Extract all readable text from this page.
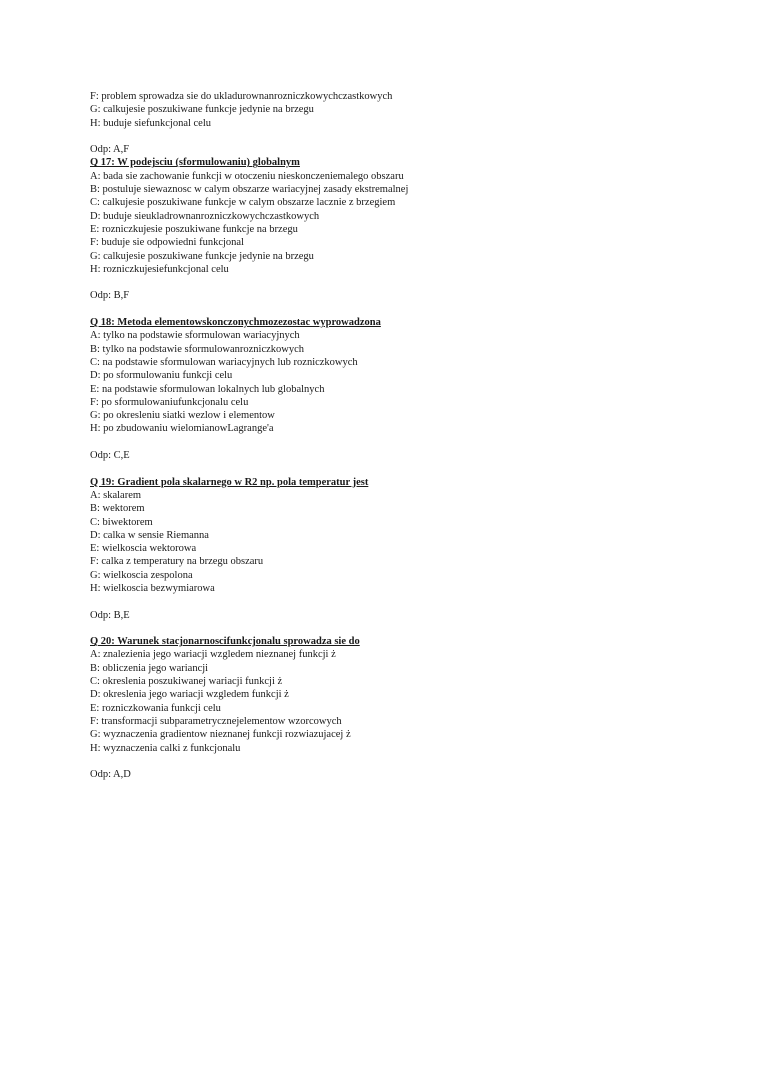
F: problem sprowadza sie do ukladurownanrozniczkowychczastkowych
G: calkujesie poszukiwane funkcje jedynie na brzegu
H: buduje siefunkcjonal celu
Odp: A,F
Q 17: W podejsciu (sformulowaniu) globalnym
A: bada sie zachowanie funkcji w otoczeniu nieskonczeniemalego obszaru
B: postuluje siewaznosc w calym obszarze wariacyjnej zasady ekstremalnej
C: calkujesie poszukiwane funkcje w calym obszarze lacznie z brzegiem
D: buduje sieukladrownanrozniczkowychczastkowych
E: rozniczkujesie poszukiwane funkcje na brzegu
F: buduje sie odpowiedni funkcjonal
G: calkujesie poszukiwane funkcje jedynie na brzegu
H: rozniczkujesiefunkcjonal celu
Odp: B,F
Q 18: Metoda elementowskonczonychmozezostac wyprowadzona
A: tylko na podstawie sformulowan wariacyjnych
B: tylko na podstawie sformulowanrozniczkowych
C: na podstawie sformulowan wariacyjnych lub rozniczkowych
D: po sformulowaniu funkcji celu
E: na podstawie sformulowan lokalnych lub globalnych
F: po sformulowaniufunkcjonalu celu
G: po okresleniu siatki wezlow i elementow
H: po zbudowaniu wielomianowLagrange'a
Odp: C,E
Q 19: Gradient pola skalarnego w R2 np. pola temperatur jest
A: skalarem
B: wektorem
C: biwektorem
D: calka w sensie Riemanna
E: wielkoscia wektorowa
F: calka z temperatury na brzegu obszaru
G: wielkoscia zespolona
H: wielkoscia bezwymiarowa
Odp: B,E
Q 20: Warunek stacjonarnoscifunkcjonalu sprowadza sie do
A: znalezienia jego wariacji wzgledem nieznanej funkcji ż
B: obliczenia jego wariancji
C: okreslenia poszukiwanej wariacji funkcji ż
D: okreslenia jego wariacji wzgledem funkcji ż
E: rozniczkowania funkcji celu
F: transformacji subparametrycznejelementow wzorcowych
G: wyznaczenia gradientow nieznanej funkcji rozwiazujacej ż
H: wyznaczenia calki z funkcjonalu
Odp: A,D
